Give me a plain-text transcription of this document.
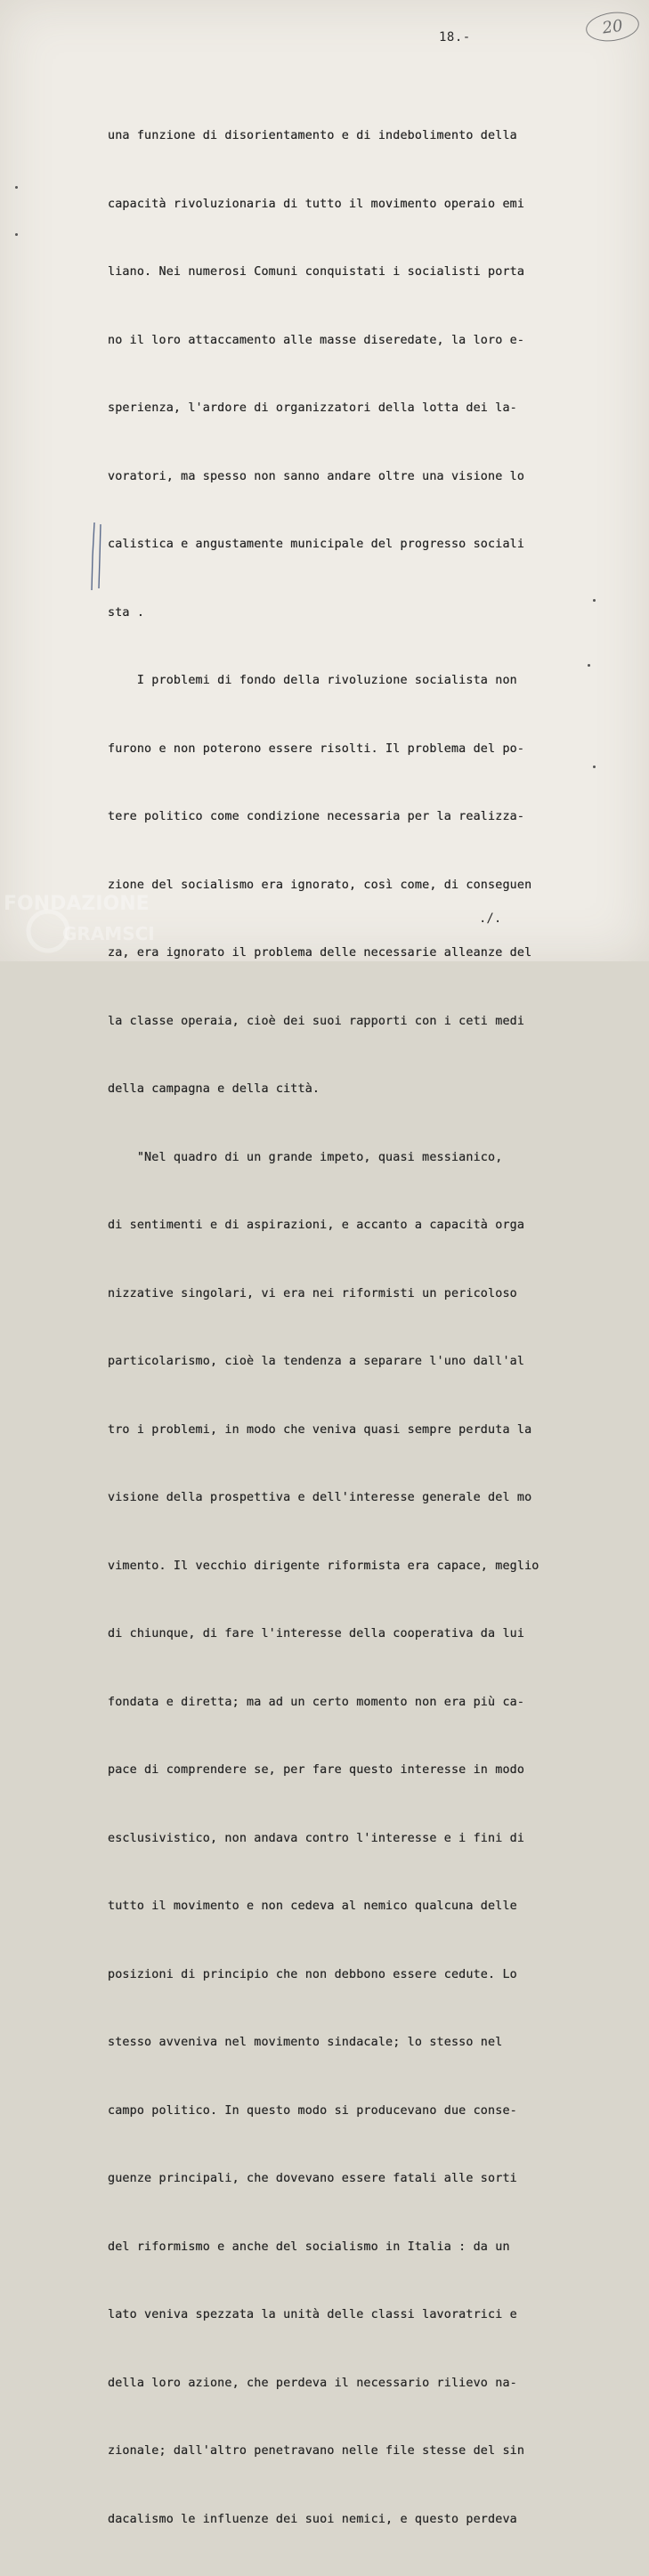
18.-
20

una funzione di disorientamento e di indebolimento della

capacità rivoluzionaria di tutto il movimento operaio emi

liano. Nei numerosi Comuni conquistati i socialisti porta

no il loro attaccamento alle masse diseredate, la loro e-

sperienza, l'ardore di organizzatori della lotta dei la-

voratori, ma spesso non sanno andare oltre una visione lo

calistica e angustamente municipale del progresso sociali

sta .

I problemi di fondo della rivoluzione socialista non

furono e non poterono essere risolti. Il problema del po-

tere politico come condizione necessaria per la realizza-

zione del socialismo era ignorato, così come, di conseguen

za, era ignorato il problema delle necessarie alleanze del

la classe operaia, cioè dei suoi rapporti con i ceti medi

della campagna e della città.

"Nel quadro di un grande impeto, quasi messianico,

di sentimenti e di aspirazioni, e accanto a capacità orga

nizzative singolari, vi era nei riformisti un pericoloso

particolarismo, cioè la tendenza a separare l'uno dall'al

tro i problemi, in modo che veniva quasi sempre perduta la

visione della prospettiva e dell'interesse generale del mo

vimento. Il vecchio dirigente riformista era capace, meglio

di chiunque, di fare l'interesse della cooperativa da lui

fondata e diretta; ma ad un certo momento non era più ca-

pace di comprendere se, per fare questo interesse in modo

esclusivistico, non andava contro l'interesse e i fini di

tutto il movimento e non cedeva al nemico qualcuna delle

posizioni di principio che non debbono essere cedute. Lo

stesso avveniva nel movimento sindacale; lo stesso nel

campo politico. In questo modo si producevano due conse-

guenze principali, che dovevano essere fatali alle sorti

del riformismo e anche del socialismo in Italia : da un

lato veniva spezzata la unità delle classi lavoratrici e

della loro azione, che perdeva il necessario rilievo na-

zionale; dall'altro penetravano nelle file stesse del sin

dacalismo le influenze dei suoi nemici, e questo perdeva

./.
FONDAZIONE
GRAMSCI
